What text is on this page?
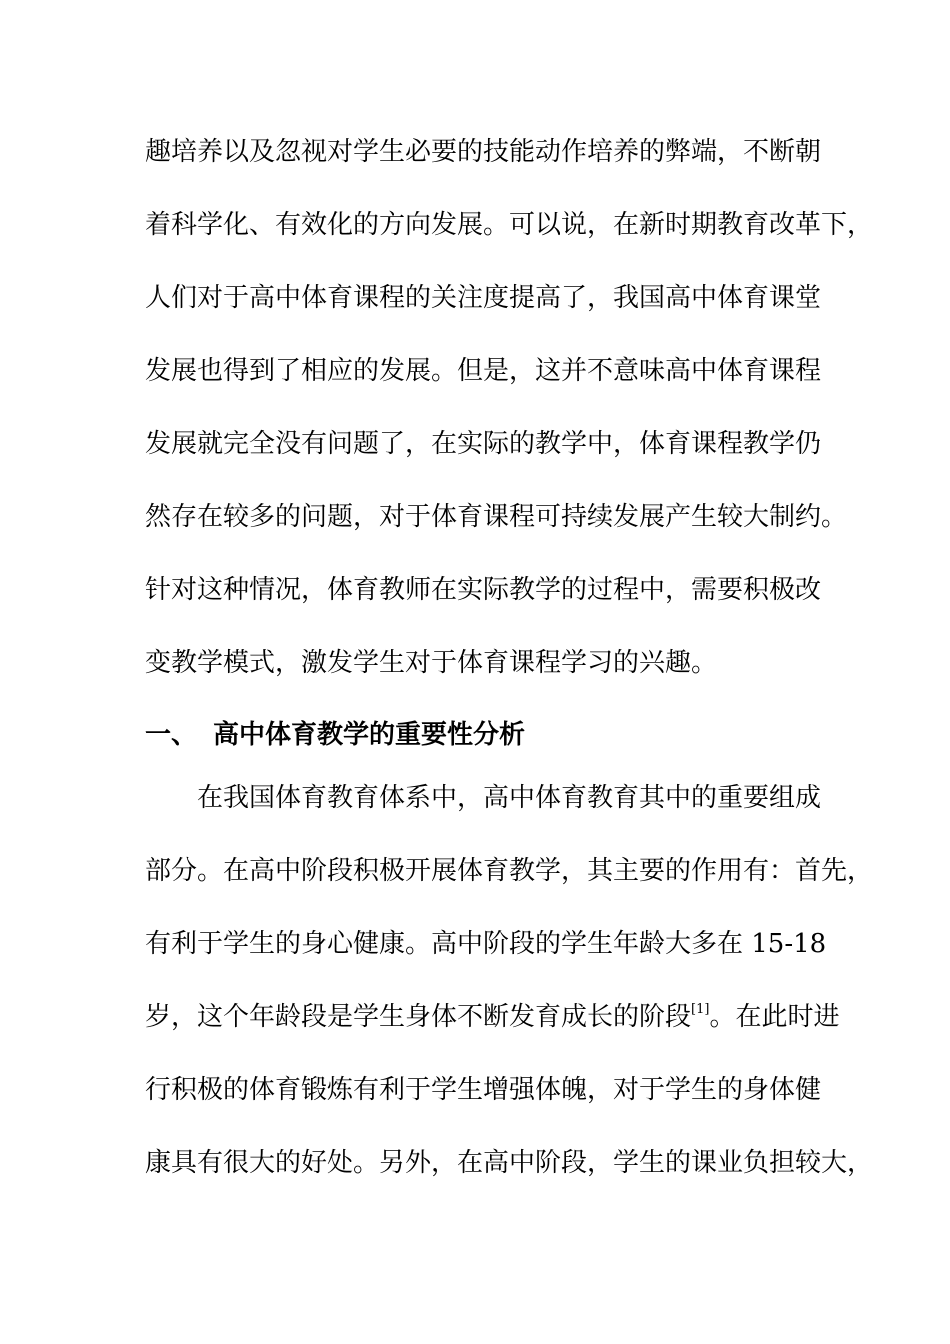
趣培养以及忽视对学生必要的技能动作培养的弊端，不断朝
着科学化、有效化的方向发展。可以说，在新时期教育改革下，
人们对于高中体育课程的关注度提高了，我国高中体育课堂
发展也得到了相应的发展。但是，这并不意味高中体育课程
发展就完全没有问题了，在实际的教学中，体育课程教学仍
然存在较多的问题，对于体育课程可持续发展产生较大制约。
针对这种情况，体育教师在实际教学的过程中，需要积极改
变教学模式，激发学生对于体育课程学习的兴趣。
一、 高中体育教学的重要性分析
在我国体育教育体系中，高中体育教育其中的重要组成
部分。在高中阶段积极开展体育教学，其主要的作用有：首先，
有利于学生的身心健康。高中阶段的学生年龄大多在 15-18
岁，这个年龄段是学生身体不断发育成长的阶段[1]。在此时进
行积极的体育锻炼有利于学生增强体魄，对于学生的身体健
康具有很大的好处。另外，在高中阶段，学生的课业负担较大，
